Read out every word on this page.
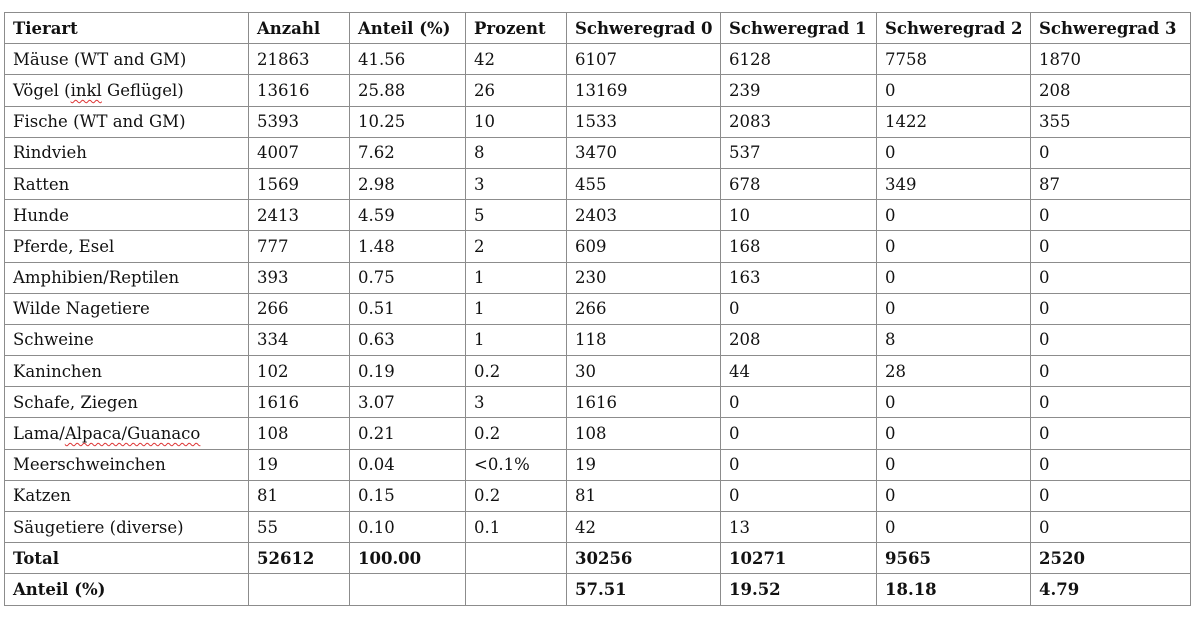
Tierart	Anzahl	Anteil (%)	Prozent	Schweregrad 0	Schweregrad 1	Schweregrad 2	Schweregrad 3
Mäuse (WT and GM)	21863	41.56	42	6107	6128	7758	1870
Vögel (inkl Geflügel)	13616	25.88	26	13169	239	0	208
Fische (WT and GM)	5393	10.25	10	1533	2083	1422	355
Rindvieh	4007	7.62	8	3470	537	0	0
Ratten	1569	2.98	3	455	678	349	87
Hunde	2413	4.59	5	2403	10	0	0
Pferde, Esel	777	1.48	2	609	168	0	0
Amphibien/Reptilen	393	0.75	1	230	163	0	0
Wilde Nagetiere	266	0.51	1	266	0	0	0
Schweine	334	0.63	1	118	208	8	0
Kaninchen	102	0.19	0.2	30	44	28	0
Schafe, Ziegen	1616	3.07	3	1616	0	0	0
Lama/Alpaca/Guanaco	108	0.21	0.2	108	0	0	0
Meerschweinchen	19	0.04	<0.1%	19	0	0	0
Katzen	81	0.15	0.2	81	0	0	0
Säugetiere (diverse)	55	0.10	0.1	42	13	0	0
Total	52612	100.00		30256	10271	9565	2520
Anteil (%)				57.51	19.52	18.18	4.79
